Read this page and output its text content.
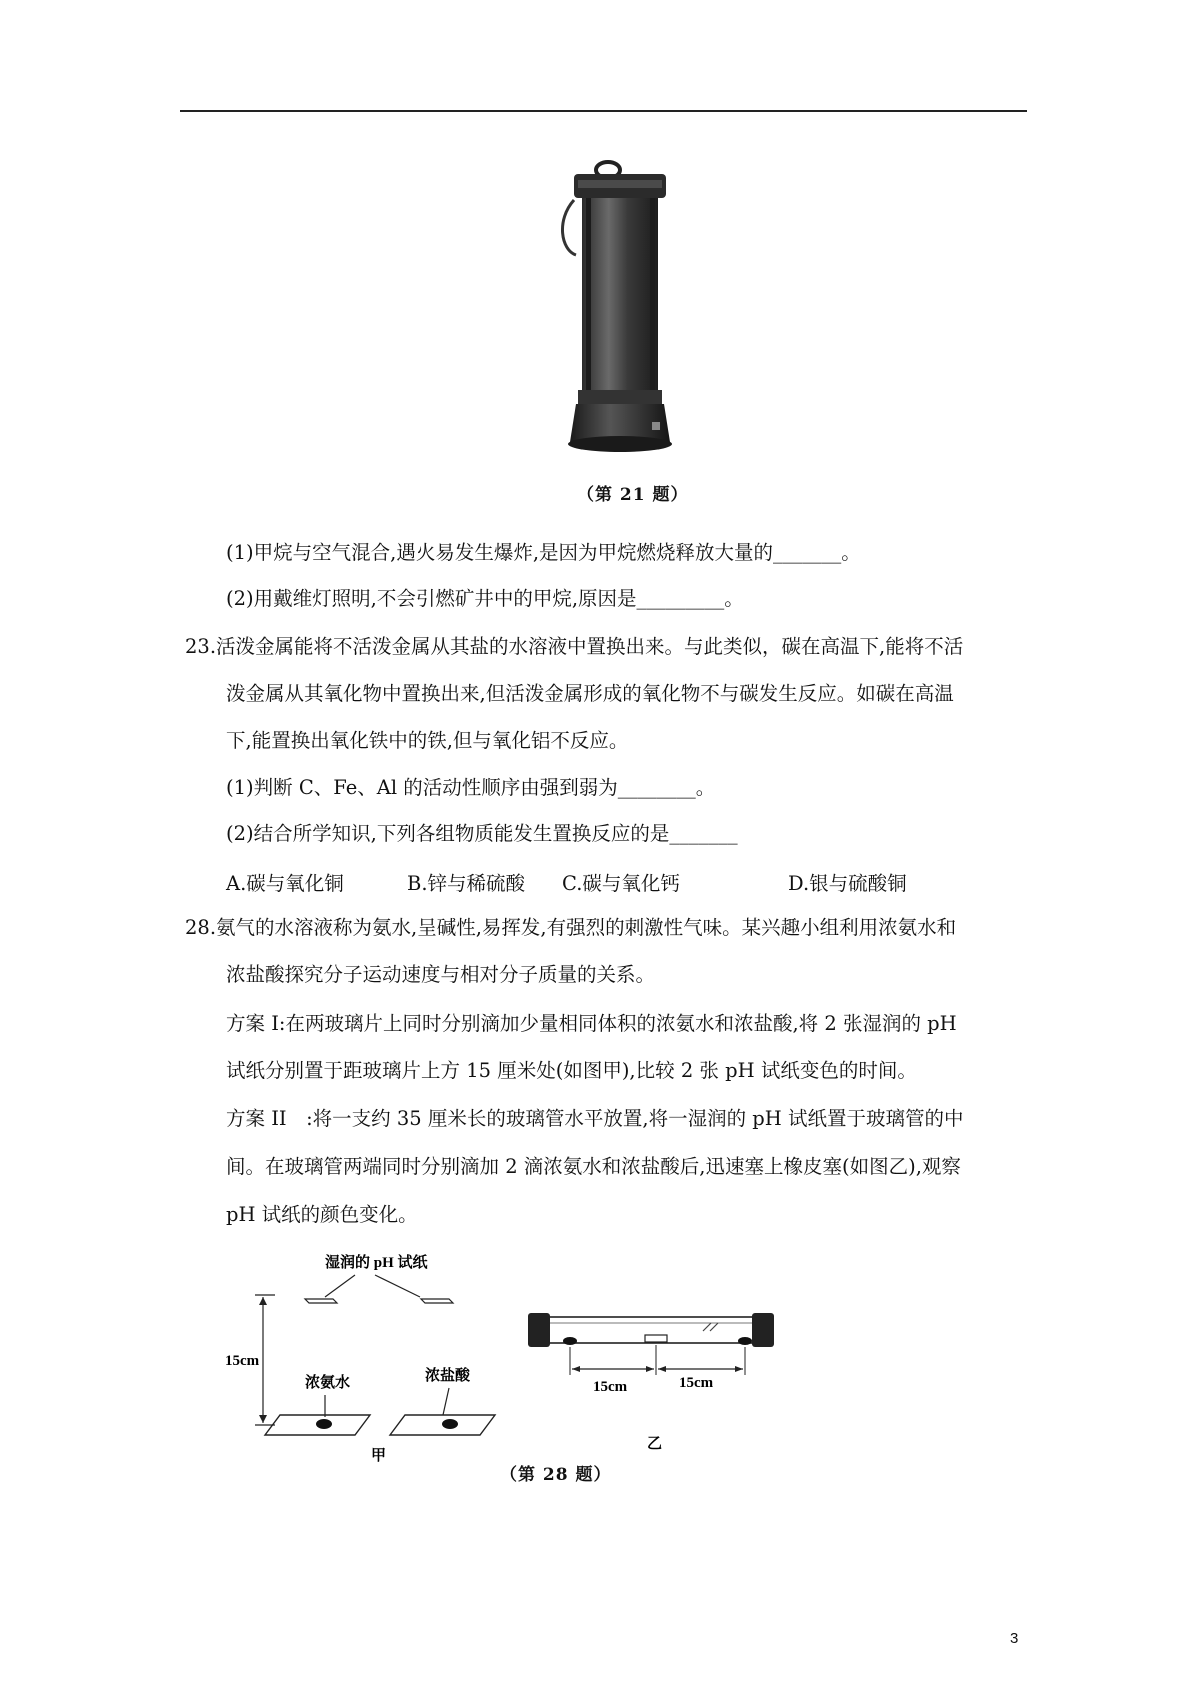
（第 21 题）
(1)甲烷与空气混合,遇火易发生爆炸,是因为甲烷燃烧释放大量的_______。
(2)用戴维灯照明,不会引燃矿井中的甲烷,原因是_________。
23.活泼金属能将不活泼金属从其盐的水溶液中置换出来。与此类似，碳在高温下,能将不活
泼金属从其氧化物中置换出来,但活泼金属形成的氧化物不与碳发生反应。如碳在高温
下,能置换出氧化铁中的铁,但与氧化铝不反应。
(1)判断 C、Fe、Al 的活动性顺序由强到弱为________。
(2)结合所学知识,下列各组物质能发生置换反应的是_______
A.碳与氧化铜	B.锌与稀硫酸 C.碳与氧化钙	D.银与硫酸铜
28.氨气的水溶液称为氨水,呈碱性,易挥发,有强烈的刺激性气味。某兴趣小组利用浓氨水和
浓盐酸探究分子运动速度与相对分子质量的关系。
方案 I:在两玻璃片上同时分别滴加少量相同体积的浓氨水和浓盐酸,将 2 张湿润的 pH
试纸分别置于距玻璃片上方 15 厘米处(如图甲),比较 2 张 pH 试纸变色的时间。
方案 II　:将一支约 35 厘米长的玻璃管水平放置,将一湿润的 pH 试纸置于玻璃管的中
间。在玻璃管两端同时分别滴加 2 滴浓氨水和浓盐酸后,迅速塞上橡皮塞(如图乙),观察
pH 试纸的颜色变化。
湿润的 pH 试纸
15cm
浓氨水	浓盐酸
甲
15cm	15cm
乙
（第 28 题）
3
